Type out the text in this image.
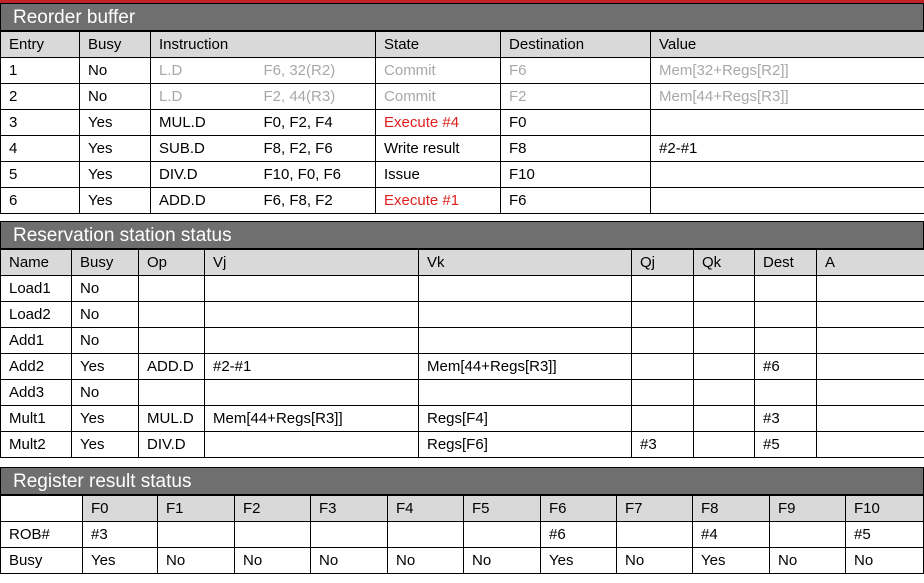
Reorder buffer
Entry	Busy	Instruction		State	Destination	Value
1	No	L.D	F6, 32(R2)	Commit	F6	Mem[32+Regs[R2]]
2	No	L.D	F2, 44(R3)	Commit	F2	Mem[44+Regs[R3]]
3	Yes	MUL.D	F0, F2, F4	Execute #4	F0	
4	Yes	SUB.D	F8, F2, F6	Write result	F8	#2-#1
5	Yes	DIV.D	F10, F0, F6	Issue	F10	
6	Yes	ADD.D	F6, F8, F2	Execute #1	F6	
Reservation station status
Name	Busy	Op	Vj	Vk	Qj	Qk	Dest	A
Load1	No							
Load2	No							
Add1	No							
Add2	Yes	ADD.D	#2-#1	Mem[44+Regs[R3]]			#6	
Add3	No							
Mult1	Yes	MUL.D	Mem[44+Regs[R3]]	Regs[F4]			#3	
Mult2	Yes	DIV.D		Regs[F6]	#3		#5	
Register result status
	F0	F1	F2	F3	F4	F5	F6	F7	F8	F9	F10
ROB#	#3						#6		#4		#5
Busy	Yes	No	No	No	No	No	Yes	No	Yes	No	No
